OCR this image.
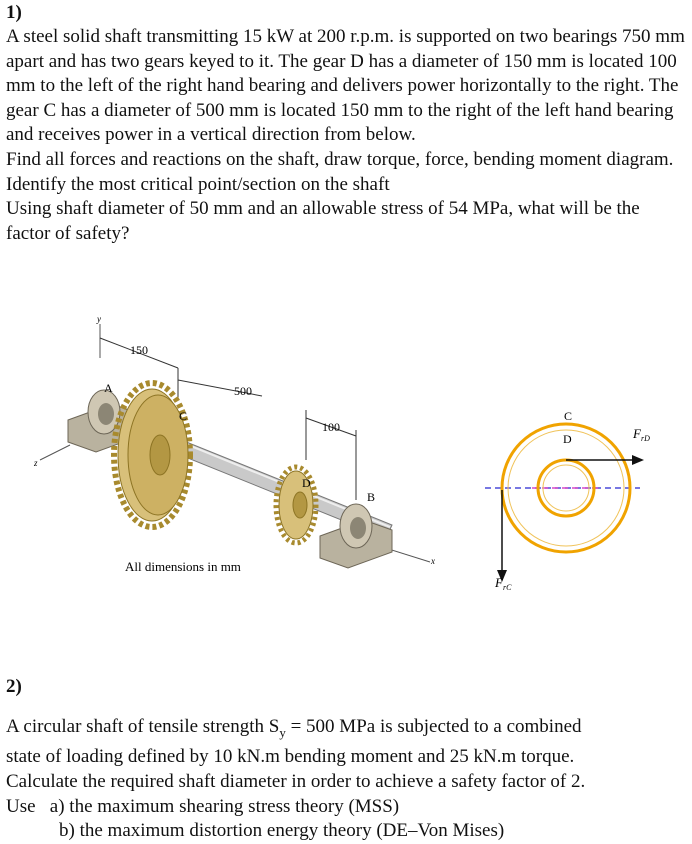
1)

A steel solid shaft transmitting 15 kW at 200 r.p.m. is supported on two bearings 750 mm apart and has two gears keyed to it. The gear D has a diameter of 150 mm is located 100 mm to the left of the right hand bearing and delivers power horizontally to the right. The gear C has a diameter of 500 mm is located 150 mm to the right of the left hand bearing and receives power in a vertical direction from below.

Find all forces and reactions on the shaft, draw torque, force, bending moment diagram.

Identify the most critical point/section on the shaft

Using shaft diameter of 50 mm and an allowable stress of 54 MPa, what will be the factor of safety?

y
z
x
150
500
100
A
C
D
B
All dimensions in mm
C
D	$F_{rD}$
$F_{rC}$
2)

A circular shaft of tensile strength $S_y = 500$ MPa is subjected to a combined

state of loading defined by 10 kN.m bending moment and 25 kN.m torque.

Calculate the required shaft diameter in order to achieve a safety factor of 2.

Use   a) the maximum shearing stress theory (MSS)

b) the maximum distortion energy theory (DE–Von Mises)
